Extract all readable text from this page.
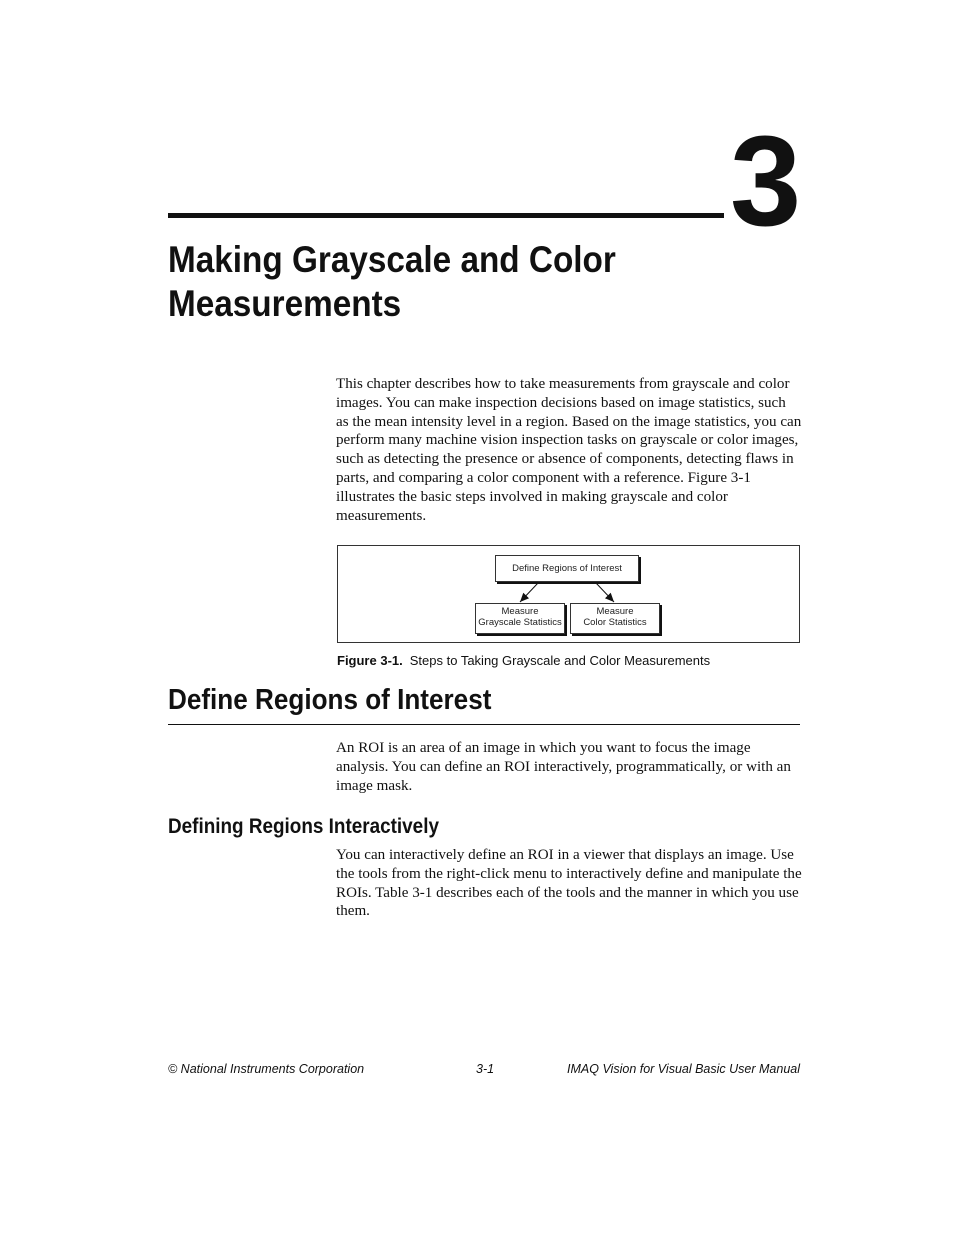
3
Making Grayscale and Color Measurements
This chapter describes how to take measurements from grayscale and color images. You can make inspection decisions based on image statistics, such as the mean intensity level in a region. Based on the image statistics, you can perform many machine vision inspection tasks on grayscale or color images, such as detecting the presence or absence of components, detecting flaws in parts, and comparing a color component with a reference. Figure 3-1 illustrates the basic steps involved in making grayscale and color measurements.
Define Regions of Interest
Measure
Grayscale Statistics
Measure
Color Statistics
Figure 3-1. Steps to Taking Grayscale and Color Measurements
Define Regions of Interest
An ROI is an area of an image in which you want to focus the image analysis. You can define an ROI interactively, programmatically, or with an image mask.
Defining Regions Interactively
You can interactively define an ROI in a viewer that displays an image. Use the tools from the right-click menu to interactively define and manipulate the ROIs. Table 3-1 describes each of the tools and the manner in which you use them.
© National Instruments Corporation	3-1	IMAQ Vision for Visual Basic User Manual
